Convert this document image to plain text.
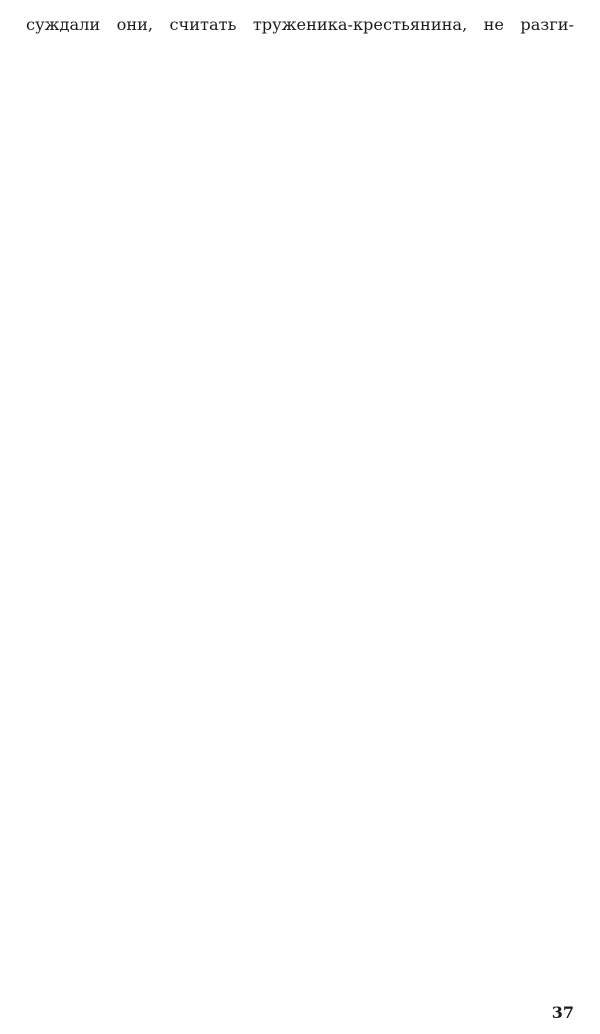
суж​дали они, считать труженика-крестьянина, не разги-
37
